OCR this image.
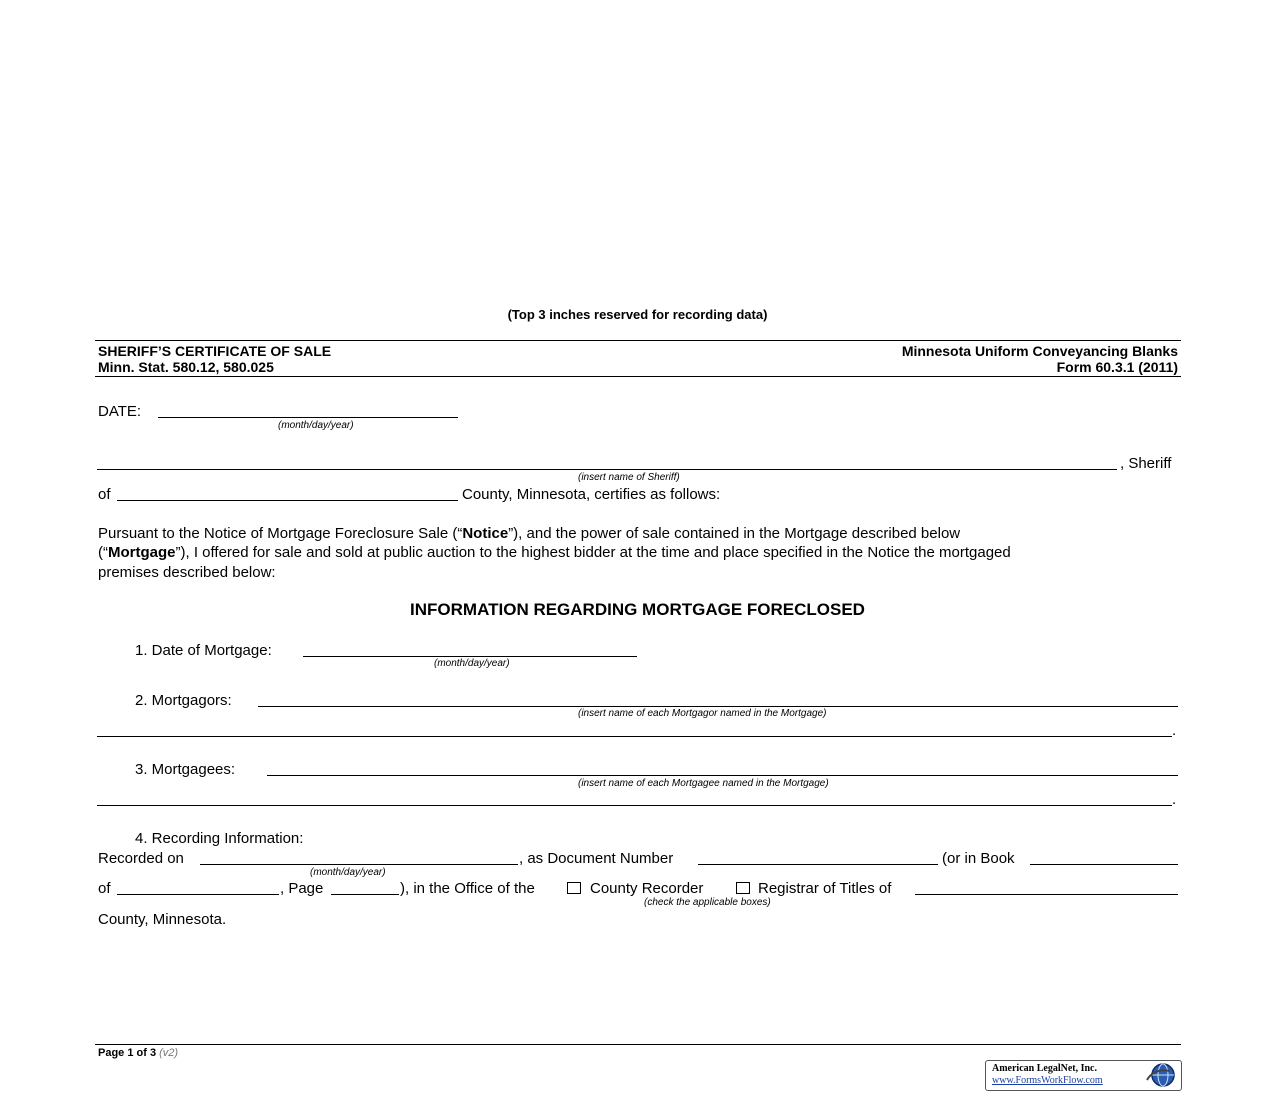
(Top 3 inches reserved for recording data)
SHERIFF’S CERTIFICATE OF SALE
Minn. Stat. 580.12, 580.025
Minnesota Uniform Conveyancing Blanks
Form 60.3.1 (2011)
DATE:
(month/day/year)
, Sheriff
(insert name of Sheriff)
of	County, Minnesota, certifies as follows:
Pursuant to the Notice of Mortgage Foreclosure Sale (“Notice”), and the power of sale contained in the Mortgage described below
(“Mortgage”), I offered for sale and sold at public auction to the highest bidder at the time and place specified in the Notice the mortgaged
premises described below:
INFORMATION REGARDING MORTGAGE FORECLOSED
1. Date of Mortgage:
(month/day/year)
2. Mortgagors:
(insert name of each Mortgagor named in the Mortgage)
.
3. Mortgagees:
(insert name of each Mortgagee named in the Mortgage)
.
4. Recording Information:
Recorded on	, as Document Number	(or in Book
(month/day/year)
of	, Page	), in the Office of the	County Recorder	Registrar of Titles of
(check the applicable boxes)
County, Minnesota.
Page 1 of 3 (v2)
American LegalNet, Inc.
www.FormsWorkFlow.com
